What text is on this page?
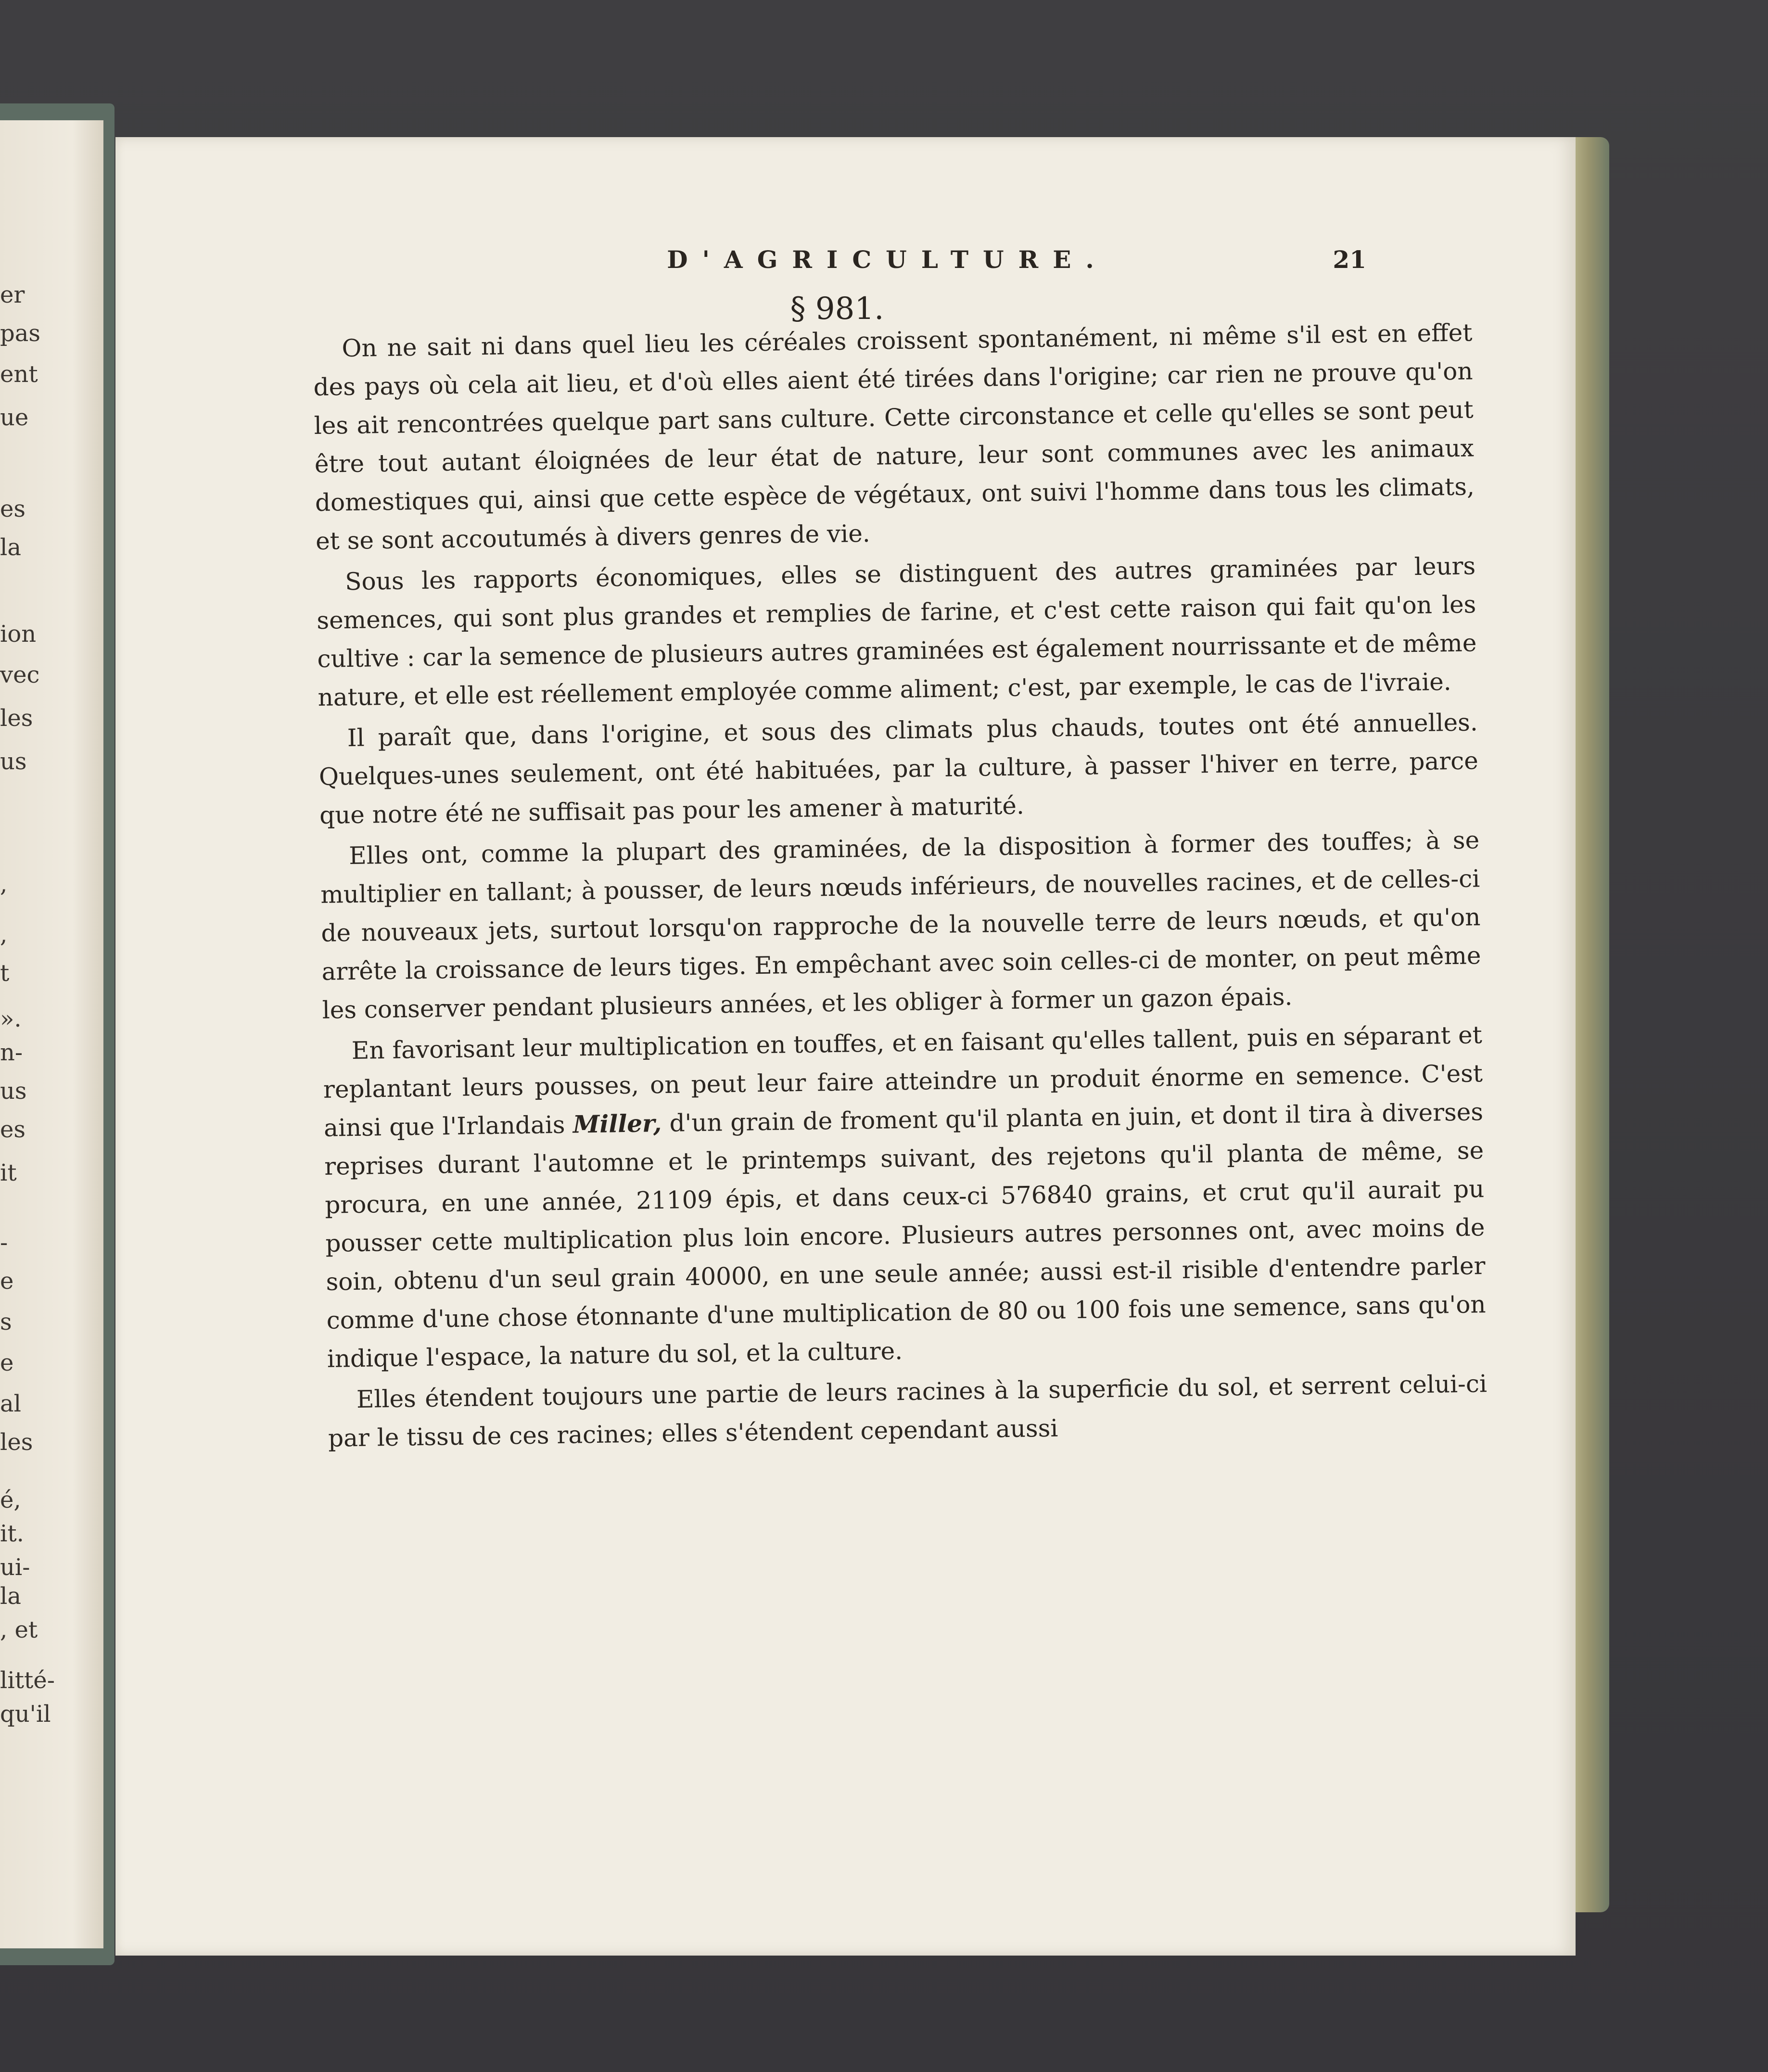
er

pas

ent

ue

es

la

ion

vec

les

us

,

,

t

».

n-

us

es

it

-

e

s

e

al

les

é,

it.

ui-

la

, et

litté-

qu'il

D'AGRICULTURE.	21

§ 981.

On ne sait ni dans quel lieu les céréales croissent spontanément, ni même s'il est en effet des pays où cela ait lieu, et d'où elles aient été tirées dans l'origine; car rien ne prouve qu'on les ait rencontrées quelque part sans culture. Cette circonstance et celle qu'elles se sont peut être tout autant éloignées de leur état de nature, leur sont communes avec les animaux domestiques qui, ainsi que cette espèce de végétaux, ont suivi l'homme dans tous les climats, et se sont accoutumés à divers genres de vie.

Sous les rapports économiques, elles se distinguent des autres graminées par leurs semences, qui sont plus grandes et remplies de farine, et c'est cette raison qui fait qu'on les cultive : car la semence de plusieurs autres graminées est également nourrissante et de même nature, et elle est réellement employée comme aliment; c'est, par exemple, le cas de l'ivraie.

Il paraît que, dans l'origine, et sous des climats plus chauds, toutes ont été annuelles. Quelques-unes seulement, ont été habituées, par la culture, à passer l'hiver en terre, parce que notre été ne suffisait pas pour les amener à maturité.

Elles ont, comme la plupart des graminées, de la disposition à former des touffes; à se multiplier en tallant; à pousser, de leurs nœuds inférieurs, de nouvelles racines, et de celles-ci de nouveaux jets, surtout lorsqu'on rapproche de la nouvelle terre de leurs nœuds, et qu'on arrête la croissance de leurs tiges. En empêchant avec soin celles-ci de monter, on peut même les conserver pendant plusieurs années, et les obliger à former un gazon épais.

En favorisant leur multiplication en touffes, et en faisant qu'elles tallent, puis en séparant et replantant leurs pousses, on peut leur faire atteindre un produit énorme en semence. C'est ainsi que l'Irlandais Miller, d'un grain de froment qu'il planta en juin, et dont il tira à diverses reprises durant l'automne et le printemps suivant, des rejetons qu'il planta de même, se procura, en une année, 21109 épis, et dans ceux-ci 576840 grains, et crut qu'il aurait pu pousser cette multiplication plus loin encore. Plusieurs autres personnes ont, avec moins de soin, obtenu d'un seul grain 40000, en une seule année; aussi est-il risible d'entendre parler comme d'une chose étonnante d'une multiplication de 80 ou 100 fois une semence, sans qu'on indique l'espace, la nature du sol, et la culture.

Elles étendent toujours une partie de leurs racines à la superficie du sol, et serrent celui-ci par le tissu de ces racines; elles s'étendent cependant aussi
